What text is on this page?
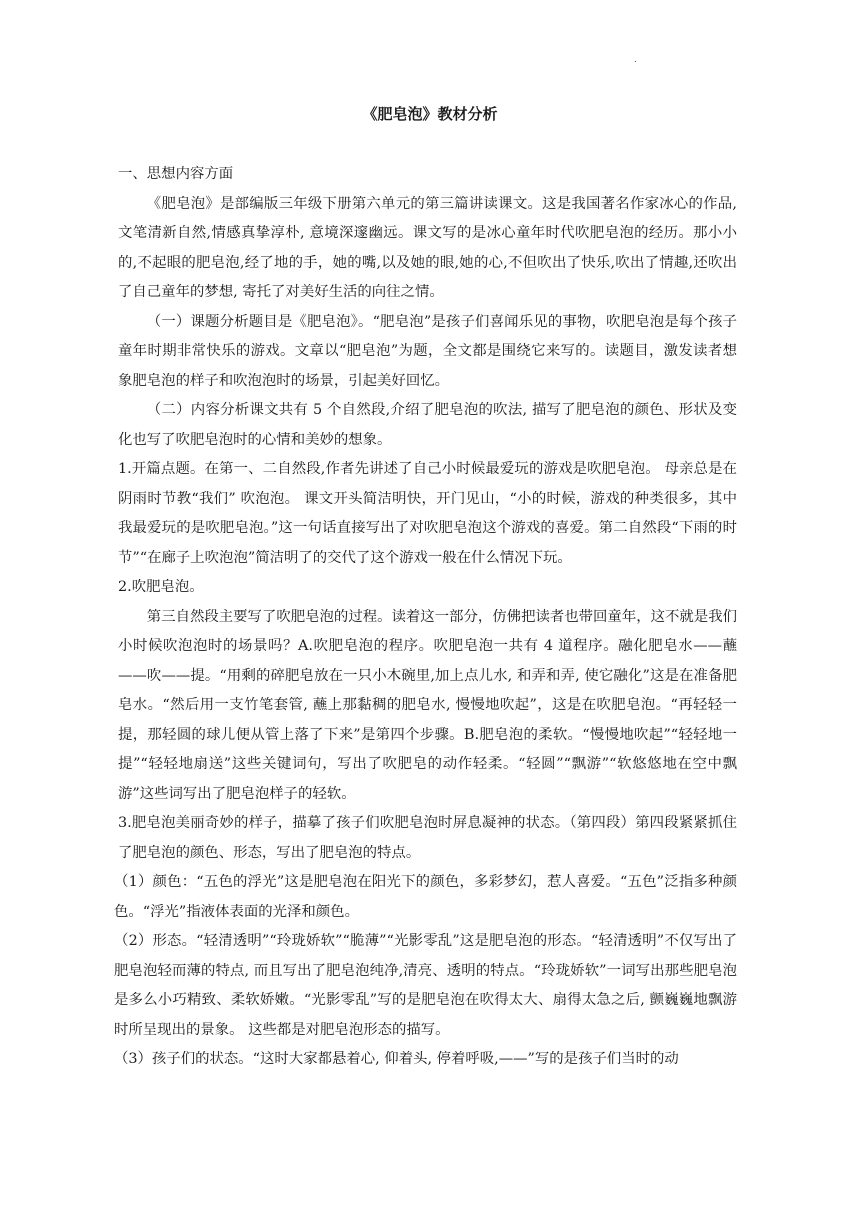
.
《肥皂泡》教材分析

一、思想内容方面

《肥皂泡》是部编版三年级下册第六单元的第三篇讲读课文。这是我国著名作家冰心的作品, 文笔清新自然,情感真挚淳朴, 意境深邃幽远。课文写的是冰心童年时代吹肥皂泡的经历。那小小的,不起眼的肥皂泡,经了地的手，她的嘴,以及她的眼,她的心,不但吹出了快乐,吹出了情趣,还吹出了自己童年的梦想, 寄托了对美好生活的向往之情。

（一）课题分析题目是《肥皂泡》。“肥皂泡”是孩子们喜闻乐见的事物，吹肥皂泡是每个孩子童年时期非常快乐的游戏。文章以“肥皂泡”为题，全文都是围绕它来写的。读题目，激发读者想象肥皂泡的样子和吹泡泡时的场景，引起美好回忆。

（二）内容分析课文共有 5 个自然段,介绍了肥皂泡的吹法, 描写了肥皂泡的颜色、形状及变化也写了吹肥皂泡时的心情和美妙的想象。

1.开篇点题。在第一、二自然段,作者先讲述了自己小时候最爱玩的游戏是吹肥皂泡。 母亲总是在阴雨时节教“我们” 吹泡泡。 课文开头简洁明快，开门见山，“小的时候，游戏的种类很多，其中我最爱玩的是吹肥皂泡。”这一句话直接写出了对吹肥皂泡这个游戏的喜爱。第二自然段“下雨的时节”“在廊子上吹泡泡”简洁明了的交代了这个游戏一般在什么情况下玩。

2.吹肥皂泡。

第三自然段主要写了吹肥皂泡的过程。读着这一部分，仿佛把读者也带回童年，这不就是我们小时候吹泡泡时的场景吗？A.吹肥皂泡的程序。吹肥皂泡一共有 4 道程序。融化肥皂水——蘸——吹——提。“用剩的碎肥皂放在一只小木碗里,加上点儿水, 和弄和弄, 使它融化”这是在准备肥皂水。“然后用一支竹笔套管, 蘸上那黏稠的肥皂水, 慢慢地吹起”，这是在吹肥皂泡。“再轻轻一提，那轻圆的球儿便从管上落了下来”是第四个步骤。B.肥皂泡的柔软。“慢慢地吹起”“轻轻地一提”“轻轻地扇送”这些关键词句，写出了吹肥皂的动作轻柔。“轻圆”“飘游”“软悠悠地在空中飘游”这些词写出了肥皂泡样子的轻软。

3.肥皂泡美丽奇妙的样子，描摹了孩子们吹肥皂泡时屏息凝神的状态。（第四段）第四段紧紧抓住了肥皂泡的颜色、形态，写出了肥皂泡的特点。

（1）颜色：“五色的浮光”这是肥皂泡在阳光下的颜色，多彩梦幻，惹人喜爱。“五色”泛指多种颜色。“浮光”指液体表面的光泽和颜色。

（2）形态。“轻清透明”“玲珑娇软”“脆薄”“光影零乱”这是肥皂泡的形态。“轻清透明”不仅写出了肥皂泡轻而薄的特点, 而且写出了肥皂泡纯净,清亮、透明的特点。“玲珑娇软”一词写出那些肥皂泡是多么小巧精致、柔软娇嫩。“光影零乱”写的是肥皂泡在吹得太大、扇得太急之后, 颤巍巍地飘游时所呈现出的景象。 这些都是对肥皂泡形态的描写。

（3）孩子们的状态。“这时大家都悬着心, 仰着头, 停着呼吸,——”写的是孩子们当时的动
